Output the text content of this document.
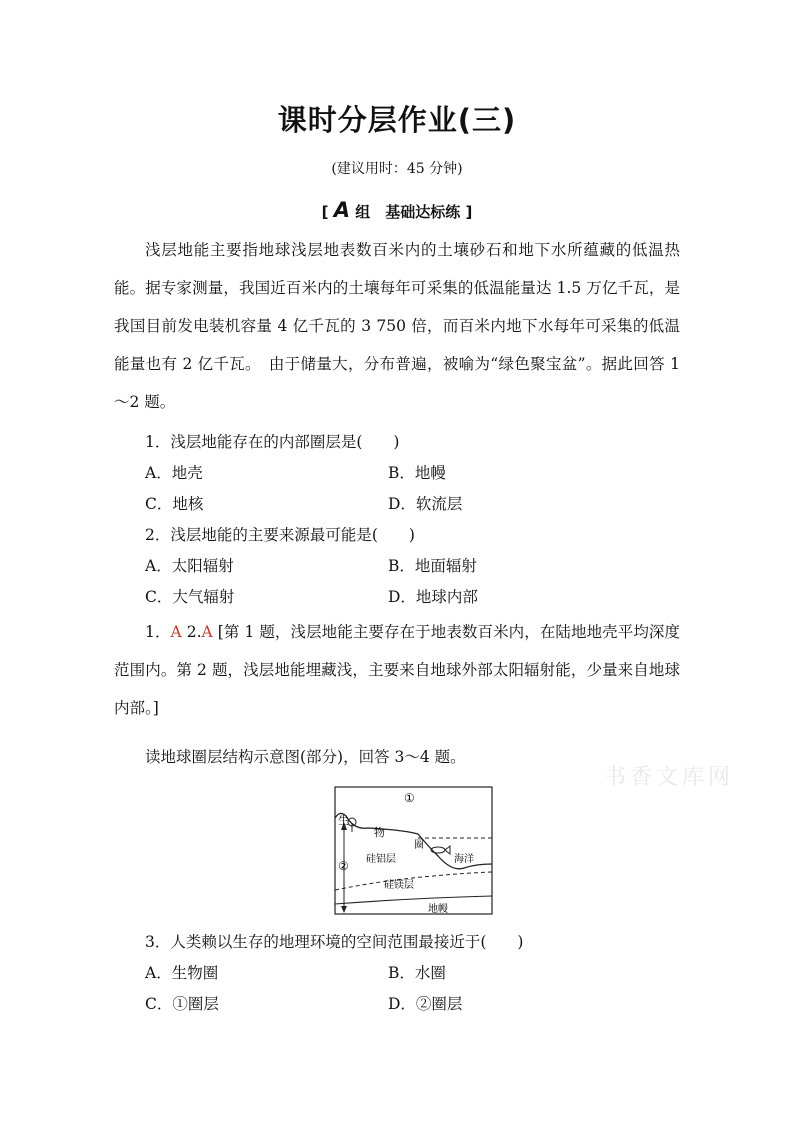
课时分层作业(三)
(建议用时：45 分钟)
[ A 组　基础达标练 ]
浅层地能主要指地球浅层地表数百米内的土壤砂石和地下水所蕴藏的低温热能。据专家测量，我国近百米内的土壤每年可采集的低温能量达 1.5 万亿千瓦，是我国目前发电装机容量 4 亿千瓦的 3 750 倍，而百米内地下水每年可采集的低温能量也有 2 亿千瓦。　由于储量大，分布普遍，被喻为“绿色聚宝盆”。据此回答 1～2 题。
1．浅层地能存在的内部圈层是(　　)
A．地壳	B．地幔
C．地核	D．软流层
2．浅层地能的主要来源最可能是(　　)
A．太阳辐射	B．地面辐射
C．大气辐射	D．地球内部
1．A 2.A [第 1 题，浅层地能主要存在于地表数百米内，在陆地地壳平均深度范围内。第 2 题，浅层地能埋藏浅，主要来自地球外部太阳辐射能，少量来自地球内部。]
读地球圈层结构示意图(部分)，回答 3～4 题。
书香文库网
①
生
物
圈
② 硅铝层	海洋
硅镁层
地幔
3．人类赖以生存的地理环境的空间范围最接近于(　　)
A．生物圈	B．水圈
C．①圈层	D．②圈层
